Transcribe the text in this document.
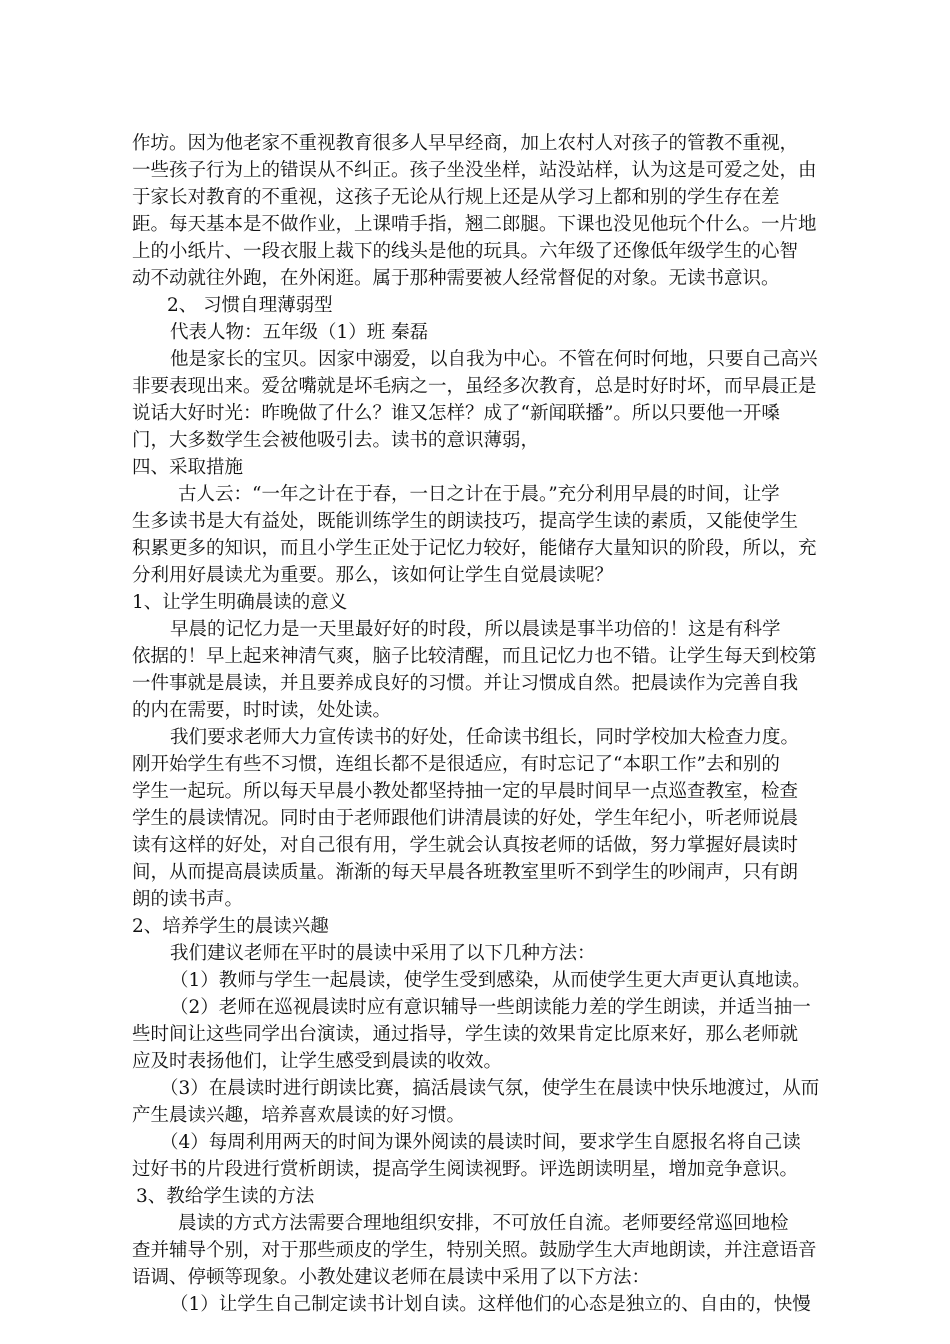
作坊。因为他老家不重视教育很多人早早经商，加上农村人对孩子的管教不重视，
一些孩子行为上的错误从不纠正。孩子坐没坐样，站没站样，认为这是可爱之处，由
于家长对教育的不重视，这孩子无论从行规上还是从学习上都和别的学生存在差
距。每天基本是不做作业，上课啃手指，翘二郎腿。下课也没见他玩个什么。一片地
上的小纸片、一段衣服上裁下的线头是他的玩具。六年级了还像低年级学生的心智
动不动就往外跑，在外闲逛。属于那种需要被人经常督促的对象。无读书意识。
2、 习惯自理薄弱型
代表人物：五年级（1）班 秦磊
他是家长的宝贝。因家中溺爱，以自我为中心。不管在何时何地，只要自己高兴
非要表现出来。爱岔嘴就是坏毛病之一，虽经多次教育，总是时好时坏，而早晨正是
说话大好时光：昨晚做了什么？谁又怎样？成了“新闻联播”。所以只要他一开嗓
门，大多数学生会被他吸引去。读书的意识薄弱，
四、采取措施
古人云：“一年之计在于春，一日之计在于晨。”充分利用早晨的时间，让学
生多读书是大有益处，既能训练学生的朗读技巧，提高学生读的素质，又能使学生
积累更多的知识，而且小学生正处于记忆力较好，能储存大量知识的阶段，所以，充
分利用好晨读尤为重要。那么，该如何让学生自觉晨读呢？
1、让学生明确晨读的意义
早晨的记忆力是一天里最好好的时段，所以晨读是事半功倍的！这是有科学
依据的！早上起来神清气爽，脑子比较清醒，而且记忆力也不错。让学生每天到校第
一件事就是晨读，并且要养成良好的习惯。并让习惯成自然。把晨读作为完善自我
的内在需要，时时读，处处读。
我们要求老师大力宣传读书的好处，任命读书组长，同时学校加大检查力度。
刚开始学生有些不习惯，连组长都不是很适应，有时忘记了“本职工作”去和别的
学生一起玩。所以每天早晨小教处都坚持抽一定的早晨时间早一点巡查教室，检查
学生的晨读情况。同时由于老师跟他们讲清晨读的好处，学生年纪小，听老师说晨
读有这样的好处，对自己很有用，学生就会认真按老师的话做，努力掌握好晨读时
间，从而提高晨读质量。渐渐的每天早晨各班教室里听不到学生的吵闹声，只有朗
朗的读书声。
2、培养学生的晨读兴趣
我们建议老师在平时的晨读中采用了以下几种方法：
（1）教师与学生一起晨读，使学生受到感染，从而使学生更大声更认真地读。
（2）老师在巡视晨读时应有意识辅导一些朗读能力差的学生朗读，并适当抽一
些时间让这些同学出台演读，通过指导，学生读的效果肯定比原来好，那么老师就
应及时表扬他们，让学生感受到晨读的收效。
（3）在晨读时进行朗读比赛，搞活晨读气氛，使学生在晨读中快乐地渡过，从而
产生晨读兴趣，培养喜欢晨读的好习惯。
（4）每周利用两天的时间为课外阅读的晨读时间，要求学生自愿报名将自己读
过好书的片段进行赏析朗读，提高学生阅读视野。评选朗读明星，增加竞争意识。
3、教给学生读的方法
晨读的方式方法需要合理地组织安排，不可放任自流。老师要经常巡回地检
查并辅导个别，对于那些顽皮的学生，特别关照。鼓励学生大声地朗读，并注意语音
语调、停顿等现象。小教处建议老师在晨读中采用了以下方法：
（1）让学生自己制定读书计划自读。这样他们的心态是独立的、自由的，快慢
